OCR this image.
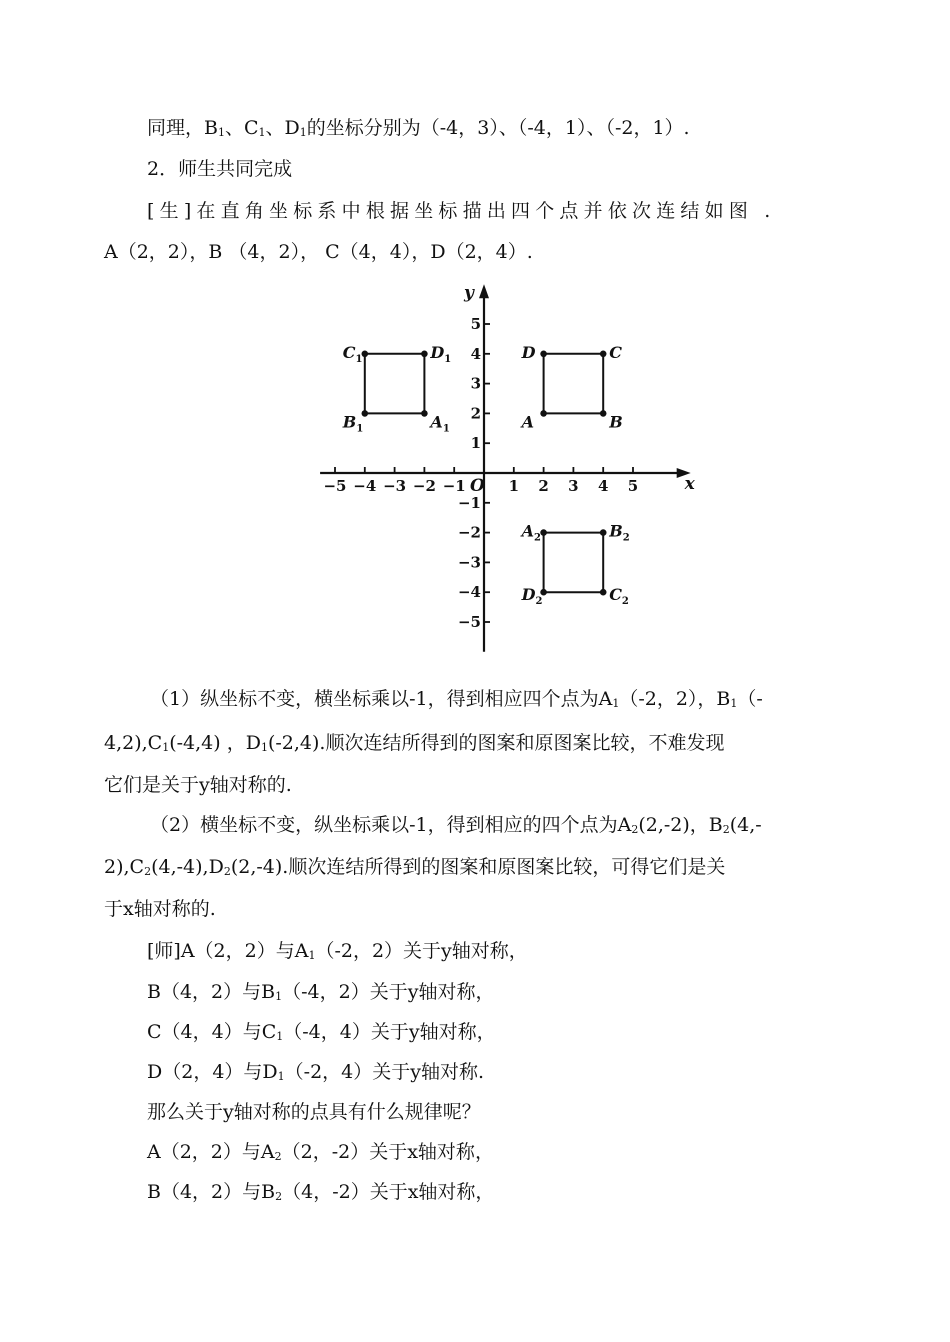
同理，$B_1$、$C_1$、$D_1$的坐标分别为（-4，3）、（-4，1）、（-2，1）.
2．师生共同完成
[生]在直角坐标系中根据坐标描出四个点并依次连结如图 .
A（2，2），B （4，2）， C（4，4），D（2，4）.
−5 −4 −3 −2 −1	1 2 3 4 5
5
4
3
2
1
−1
−2
−3
−4
−5
A	B
C
D
$A_1$
$B_1$
$C_1$	$D_1$
$A_2$	$B_2$
$C_2$
$D_2$
x
y
O
（1）纵坐标不变，横坐标乘以-1，得到相应四个点为$A_1(-2$，2），$B_1(-$
$4,2),C_1(-4,4)$ ，$D_1(-2,4)$.顺次连结所得到的图案和原图案比较，不难发现
它们是关于y轴对称的.
（2）横坐标不变，纵坐标乘以-1，得到相应的四个点为$A_2(2,-2)$，$B_2(4,-$
$2),C_2(4,-4),D_2(2,-4)$.顺次连结所得到的图案和原图案比较，可得它们是关
于x轴对称的.
[师]A（2，2）与$A_1(-2$，2）关于y轴对称，
B（4，2）与$B_1(-4$，2）关于y轴对称，
C（4，4）与$C_1(-4$，4）关于y轴对称，
D（2，4）与$D_1(-2$，4）关于y轴对称.
那么关于y轴对称的点具有什么规律呢？
A（2，2）与$A_2(2$，-2）关于x轴对称，
B（4，2）与$B_2(4$，-2）关于x轴对称，
